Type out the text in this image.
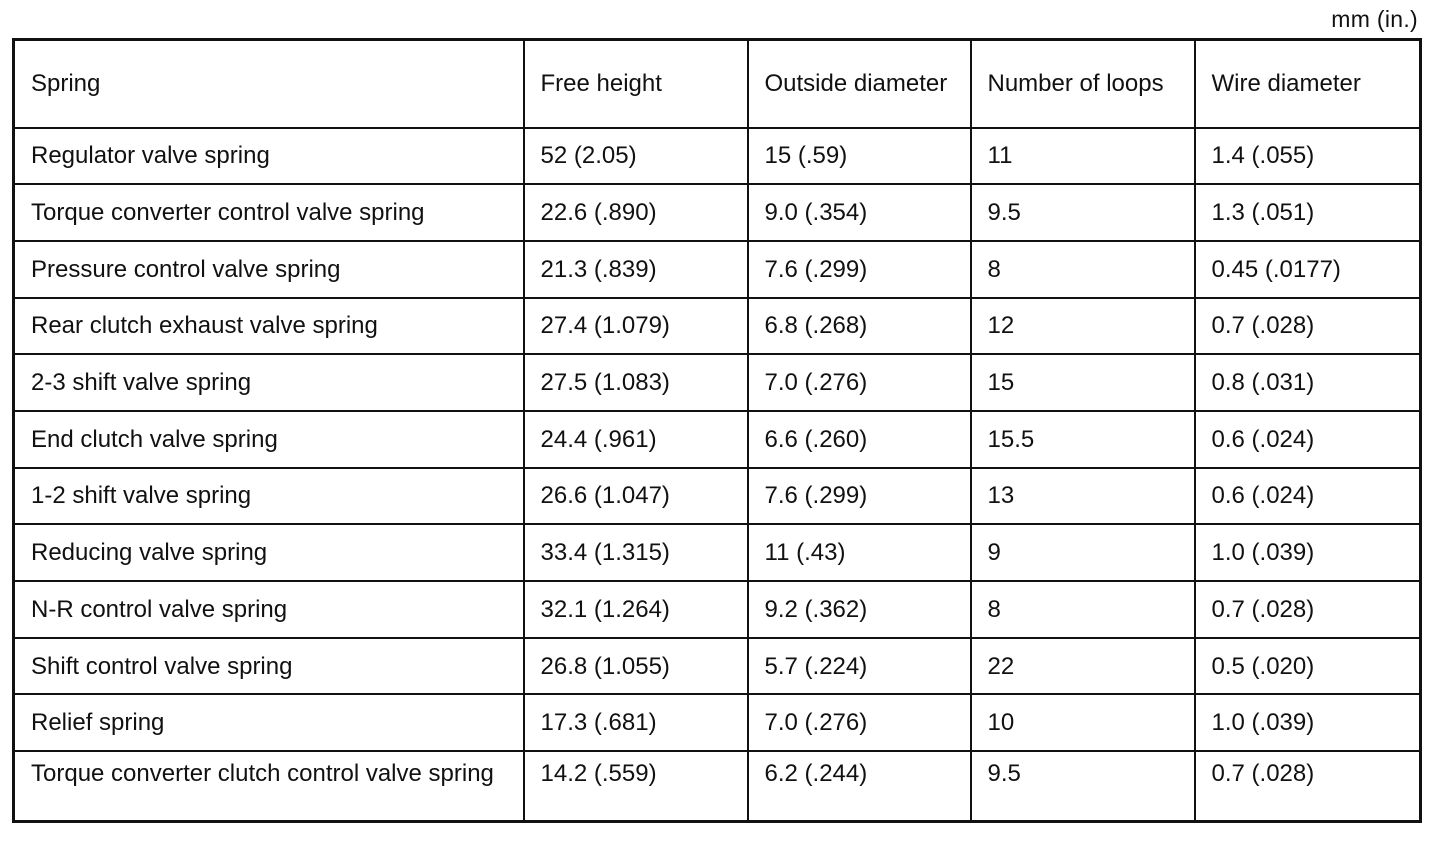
mm (in.)
Spring	Free height	Outside diameter	Number of loops	Wire diameter
Regulator valve spring	52 (2.05)	15 (.59)	11	1.4 (.055)
Torque converter control valve spring	22.6 (.890)	9.0 (.354)	9.5	1.3 (.051)
Pressure control valve spring	21.3 (.839)	7.6 (.299)	8	0.45 (.0177)
Rear clutch exhaust valve spring	27.4 (1.079)	6.8 (.268)	12	0.7 (.028)
2-3 shift valve spring	27.5 (1.083)	7.0 (.276)	15	0.8 (.031)
End clutch valve spring	24.4 (.961)	6.6 (.260)	15.5	0.6 (.024)
1-2 shift valve spring	26.6 (1.047)	7.6 (.299)	13	0.6 (.024)
Reducing valve spring	33.4 (1.315)	11 (.43)	9	1.0 (.039)
N-R control valve spring	32.1 (1.264)	9.2 (.362)	8	0.7 (.028)
Shift control valve spring	26.8 (1.055)	5.7 (.224)	22	0.5 (.020)
Relief spring	17.3 (.681)	7.0 (.276)	10	1.0 (.039)
Torque converter clutch control valve spring	14.2 (.559)	6.2 (.244)	9.5	0.7 (.028)
